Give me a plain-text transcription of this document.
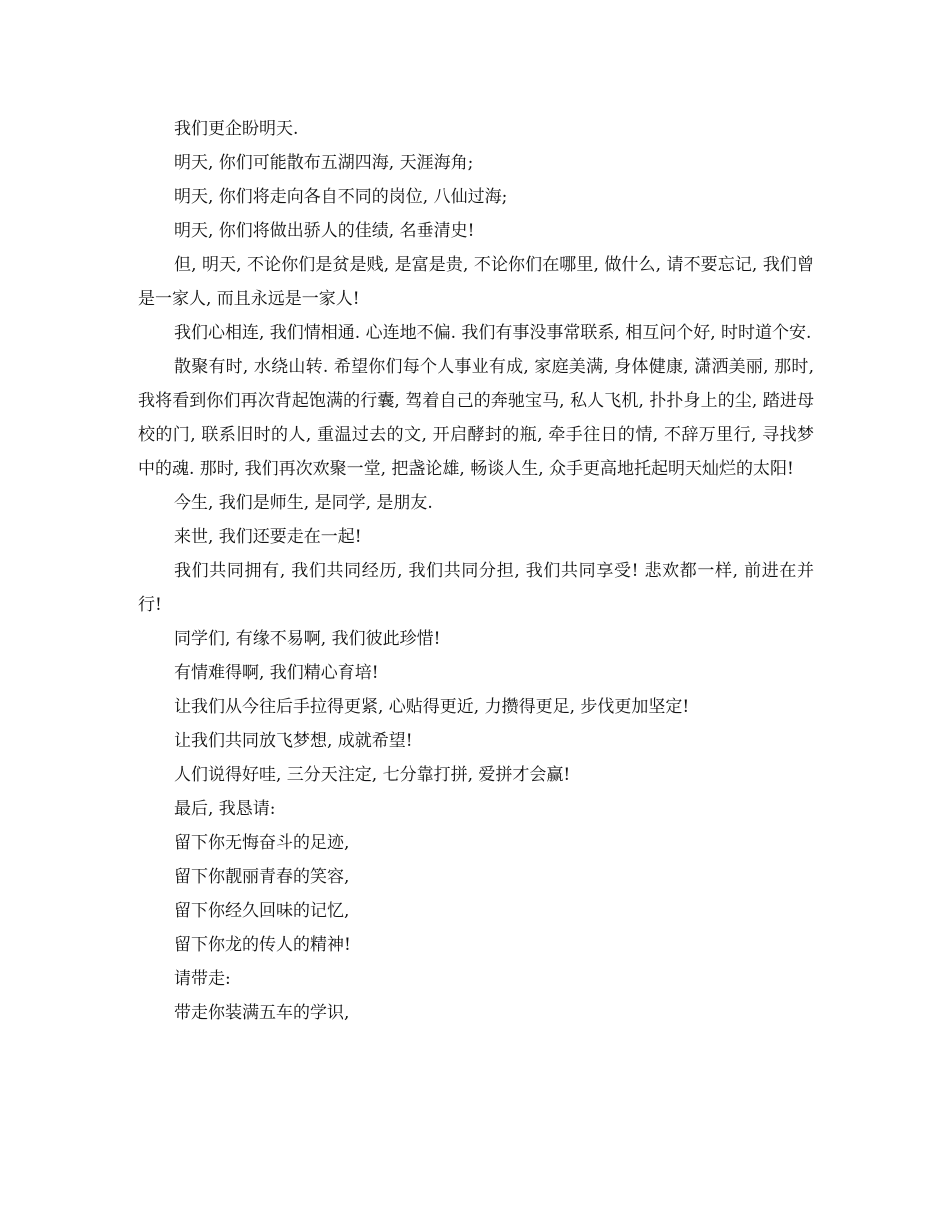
我们更企盼明天.

明天, 你们可能散布五湖四海, 天涯海角;

明天, 你们将走向各自不同的岗位, 八仙过海;

明天, 你们将做出骄人的佳绩, 名垂清史!

但, 明天, 不论你们是贫是贱, 是富是贵, 不论你们在哪里, 做什么, 请不要忘记, 我们曾是一家人, 而且永远是一家人!

我们心相连, 我们情相通. 心连地不偏. 我们有事没事常联系, 相互问个好, 时时道个安.

散聚有时, 水绕山转. 希望你们每个人事业有成, 家庭美满, 身体健康, 潇洒美丽, 那时, 我将看到你们再次背起饱满的行囊, 驾着自己的奔驰宝马, 私人飞机, 扑扑身上的尘, 踏进母校的门, 联系旧时的人, 重温过去的文, 开启酵封的瓶, 牵手往日的情, 不辞万里行, 寻找梦中的魂. 那时, 我们再次欢聚一堂, 把盏论雄, 畅谈人生, 众手更高地托起明天灿烂的太阳!

今生, 我们是师生, 是同学, 是朋友.

来世, 我们还要走在一起!

我们共同拥有, 我们共同经历, 我们共同分担, 我们共同享受! 悲欢都一样, 前进在并行!

同学们, 有缘不易啊, 我们彼此珍惜!

有情难得啊, 我们精心育培!

让我们从今往后手拉得更紧, 心贴得更近, 力攒得更足, 步伐更加坚定!

让我们共同放飞梦想, 成就希望!

人们说得好哇, 三分天注定, 七分靠打拼, 爱拼才会赢!

最后, 我恳请:

留下你无悔奋斗的足迹,

留下你靓丽青春的笑容,

留下你经久回味的记忆,

留下你龙的传人的精神!

请带走:

带走你装满五车的学识,
